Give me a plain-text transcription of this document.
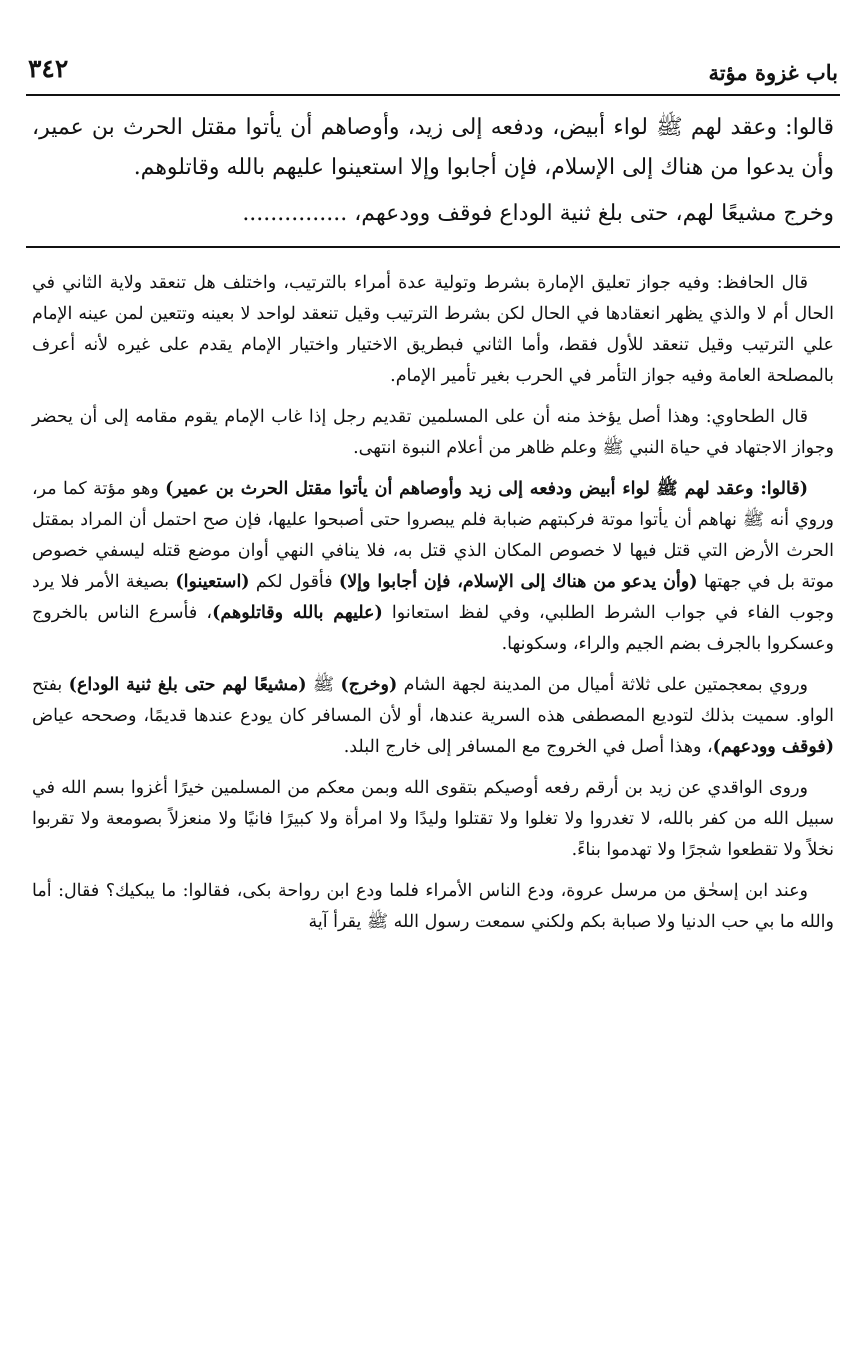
باب غزوة مؤتة
٣٤٢

قالوا: وعقد لهم ﷺ لواء أبيض، ودفعه إلى زيد، وأوصاهم أن يأتوا مقتل الحرث بن عمير، وأن يدعوا من هناك إلى الإسلام، فإن أجابوا وإلا استعينوا عليهم بالله وقاتلوهم.

وخرج مشيعًا لهم، حتى بلغ ثنية الوداع فوقف وودعهم، ...............

قال الحافظ: وفيه جواز تعليق الإمارة بشرط وتولية عدة أمراء بالترتيب، واختلف هل تنعقد ولاية الثاني في الحال أم لا والذي يظهر انعقادها في الحال لكن بشرط الترتيب وقيل تنعقد لواحد لا بعينه وتتعين لمن عينه الإمام علي الترتيب وقيل تنعقد للأول فقط، وأما الثاني فبطريق الاختيار واختيار الإمام يقدم على غيره لأنه أعرف بالمصلحة العامة وفيه جواز التأمر في الحرب بغير تأمير الإمام.

قال الطحاوي: وهذا أصل يؤخذ منه أن على المسلمين تقديم رجل إذا غاب الإمام يقوم مقامه إلى أن يحضر وجواز الاجتهاد في حياة النبي ﷺ وعلم ظاهر من أعلام النبوة انتهى.

(قالوا: وعقد لهم ﷺ لواء أبيض ودفعه إلى زيد وأوصاهم أن يأتوا مقتل الحرث بن عمير) وهو مؤتة كما مر، وروي أنه ﷺ نهاهم أن يأتوا موتة فركبتهم ضبابة فلم يبصروا حتى أصبحوا عليها، فإن صح احتمل أن المراد بمقتل الحرث الأرض التي قتل فيها لا خصوص المكان الذي قتل به، فلا ينافي النهي أوان موضع قتله ليسفي خصوص موتة بل في جهتها (وأن يدعو من هناك إلى الإسلام، فإن أجابوا وإلا) فأقول لكم (استعينوا) بصيغة الأمر فلا يرد وجوب الفاء في جواب الشرط الطلبي، وفي لفظ استعانوا (عليهم بالله وقاتلوهم)، فأسرع الناس بالخروج وعسكروا بالجرف بضم الجيم والراء، وسكونها.

وروي بمعجمتين على ثلاثة أميال من المدينة لجهة الشام (وخرج) ﷺ (مشيعًا لهم حتى بلغ ثنية الوداع) بفتح الواو. سميت بذلك لتوديع المصطفى هذه السرية عندها، أو لأن المسافر كان يودع عندها قديمًا، وصححه عياض (فوقف وودعهم)، وهذا أصل في الخروج مع المسافر إلى خارج البلد.

وروى الواقدي عن زيد بن أرقم رفعه أوصيكم بتقوى الله وبمن معكم من المسلمين خيرًا أغزوا بسم الله في سبيل الله من كفر بالله، لا تغدروا ولا تغلوا ولا تقتلوا وليدًا ولا امرأة ولا كبيرًا فانيًا ولا منعزلاً بصومعة ولا تقربوا نخلاً ولا تقطعوا شجرًا ولا تهدموا بناءً.

وعند ابن إسحٰق من مرسل عروة، ودع الناس الأمراء فلما ودع ابن رواحة بكى، فقالوا: ما يبكيك؟ فقال: أما والله ما بي حب الدنيا ولا صبابة بكم ولكني سمعت رسول الله ﷺ يقرأ آية
